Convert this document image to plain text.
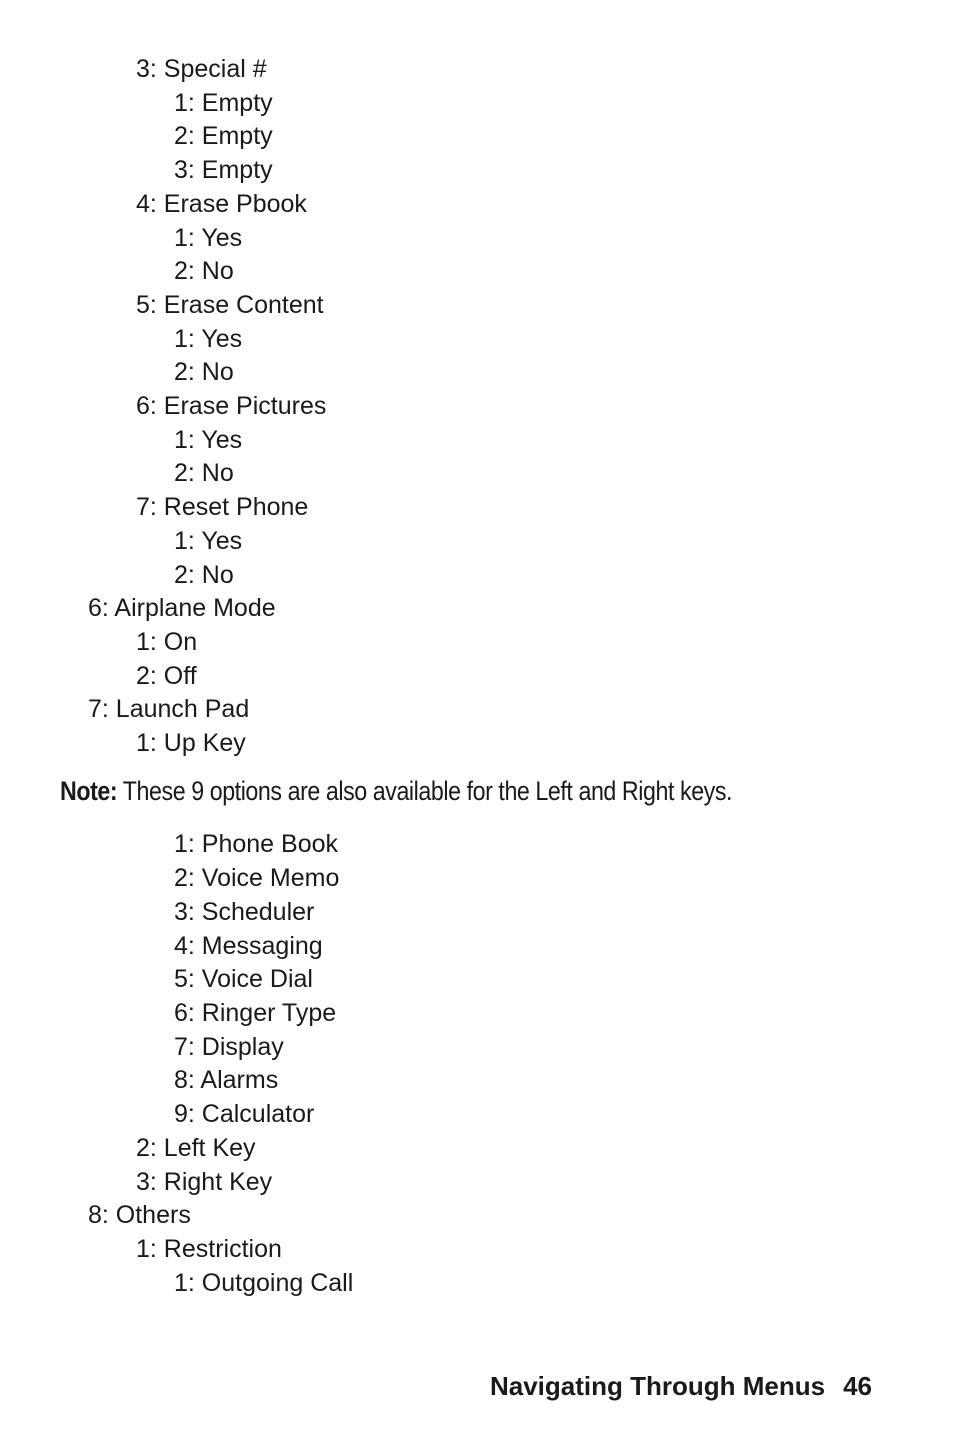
3: Special #
1: Empty
2: Empty
3: Empty
4: Erase Pbook
1: Yes
2: No
5: Erase Content
1: Yes
2: No
6: Erase Pictures
1: Yes
2: No
7: Reset Phone
1: Yes
2: No
6: Airplane Mode
1: On
2: Off
7: Launch Pad
1: Up Key
1: Phone Book
2: Voice Memo
3: Scheduler
4: Messaging
5: Voice Dial
6: Ringer Type
7: Display
8: Alarms
9: Calculator
2: Left Key
3: Right Key
8: Others
1: Restriction
1: Outgoing Call
Note: These 9 options are also available for the Left and Right keys.
Navigating Through Menus 46
